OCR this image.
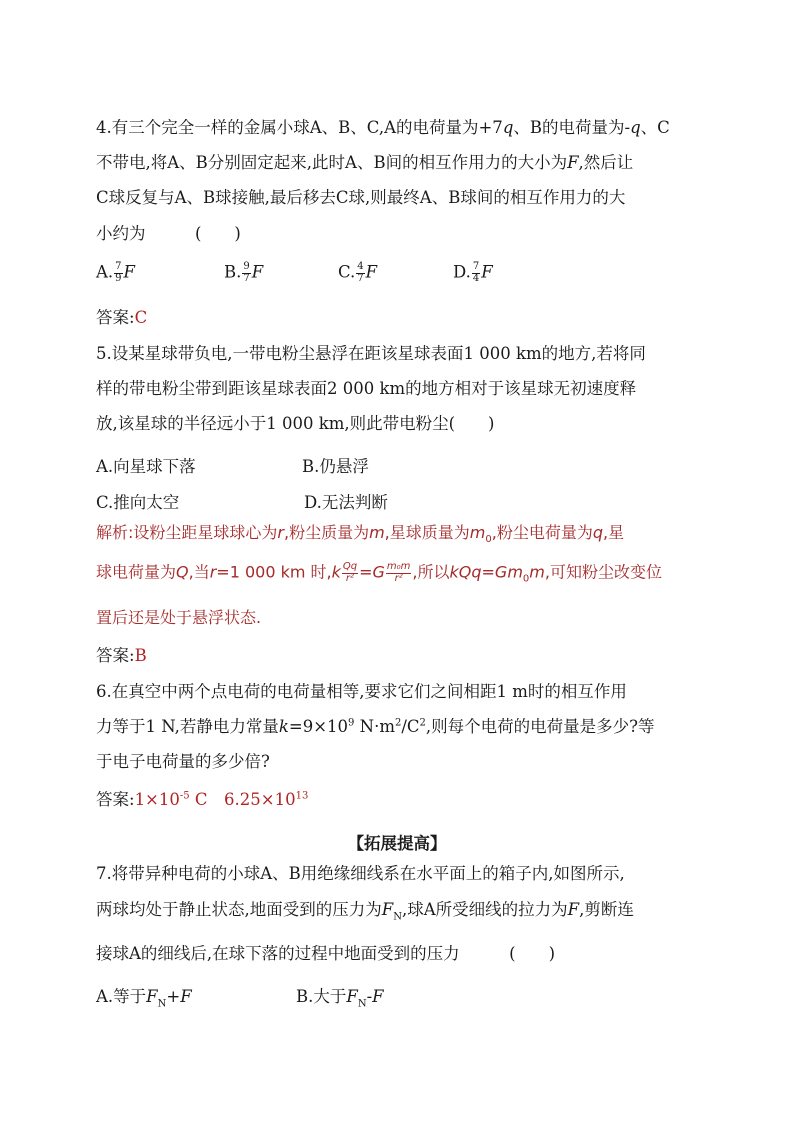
4.有三个完全一样的金属小球A、B、C,A的电荷量为+7q、B的电荷量为-q、C
不带电,将A、B分别固定起来,此时A、B间的相互作用力的大小为F,然后让
C球反复与A、B球接触,最后移去C球,则最终A、B球间的相互作用力的大
小约为　　　(　　)
A. $\frac{7}{9}$ F	B. $\frac{9}{7}$ F	C. $\frac{4}{7}$ F	D. $\frac{7}{4}$ F
答案:C
5.设某星球带负电,一带电粉尘悬浮在距该星球表面1 000 km的地方,若将同
样的带电粉尘带到距该星球表面2 000 km的地方相对于该星球无初速度释
放,该星球的半径远小于1 000 km,则此带电粉尘(　　)
A.向星球下落	B.仍悬浮
C.推向太空	D.无法判断
解析:设粉尘距星球球心为r,粉尘质量为m,星球质量为$m_0$,粉尘电荷量为q,星
球电荷量为Q,当r=1 000 km 时$,k \frac{Qq}{\text{r²}} =G \frac{\text{m₀m}}{\text{r²}}$ ,所以$kQq=Gm_0m$,可知粉尘改变位
置后还是处于悬浮状态.
答案:B
6.在真空中两个点电荷的电荷量相等,要求它们之间相距1 m时的相互作用
力等于1 N,若静电力常量$k=9\times 10^9$ $N\cdot m^2/C^2$,则每个电荷的电荷量是多少?等
于电子电荷量的多少倍?
答案$:1\times 10^{-5}$ C　$6.25\times 10^{13}$
【拓展提高】
7.将带异种电荷的小球A、B用绝缘细线系在水平面上的箱子内,如图所示,
两球均处于静止状态,地面受到的压力为$F_N$,球A所受细线的拉力为F,剪断连
接球A的细线后,在球下落的过程中地面受到的压力　　　(　　)
A.等于$F_N+F$	B.大于$F_N-F$
